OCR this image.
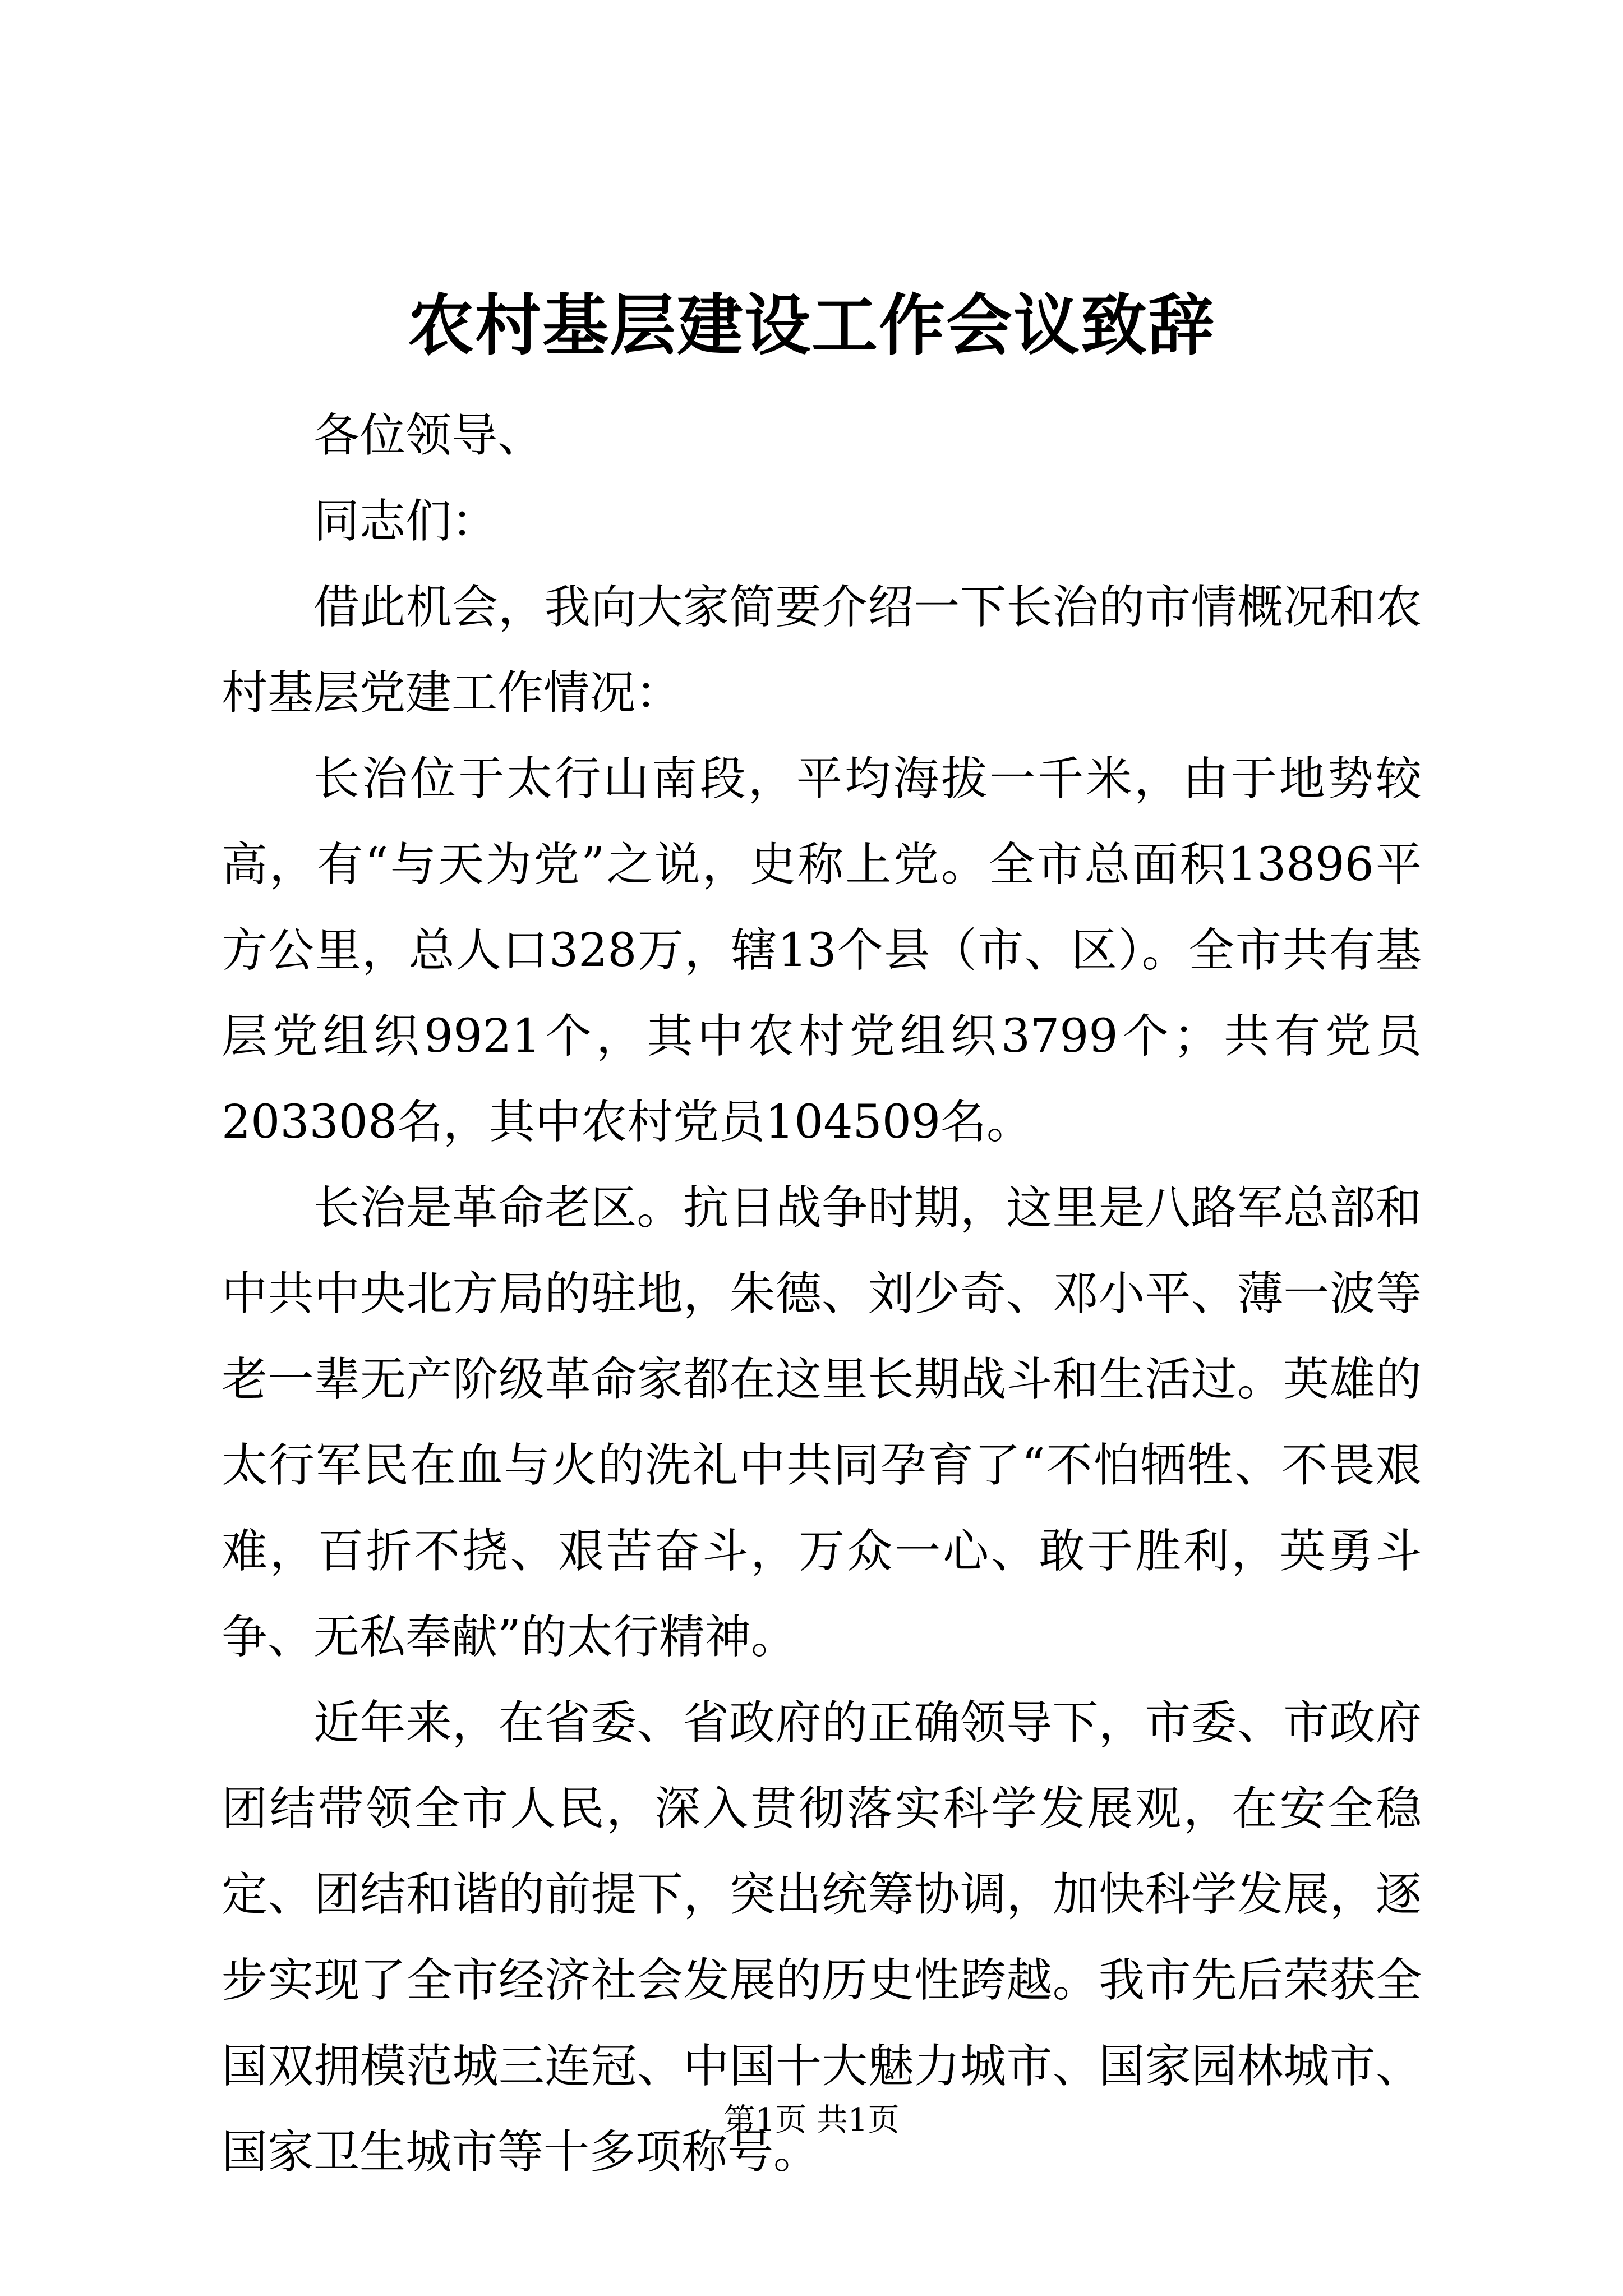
农村基层建设工作会议致辞

各位领导、

同志们：

借此机会，我向大家简要介绍一下长治的市情概况和农村基层党建工作情况：

长治位于太行山南段，平均海拔一千米，由于地势较高，有“与天为党”之说，史称上党。全市总面积13896平方公里，总人口328万，辖13个县（市、区）。全市共有基层党组织9921个，其中农村党组织3799个；共有党员203308名，其中农村党员104509名。

长治是革命老区。抗日战争时期，这里是八路军总部和中共中央北方局的驻地，朱德、刘少奇、邓小平、薄一波等老一辈无产阶级革命家都在这里长期战斗和生活过。英雄的太行军民在血与火的洗礼中共同孕育了“不怕牺牲、不畏艰难，百折不挠、艰苦奋斗，万众一心、敢于胜利，英勇斗争、无私奉献”的太行精神。

近年来，在省委、省政府的正确领导下，市委、市政府团结带领全市人民，深入贯彻落实科学发展观，在安全稳定、团结和谐的前提下，突出统筹协调，加快科学发展，逐步实现了全市经济社会发展的历史性跨越。我市先后荣获全国双拥模范城三连冠、中国十大魅力城市、国家园林城市、国家卫生城市等十多项称号。

第1页 共1页
